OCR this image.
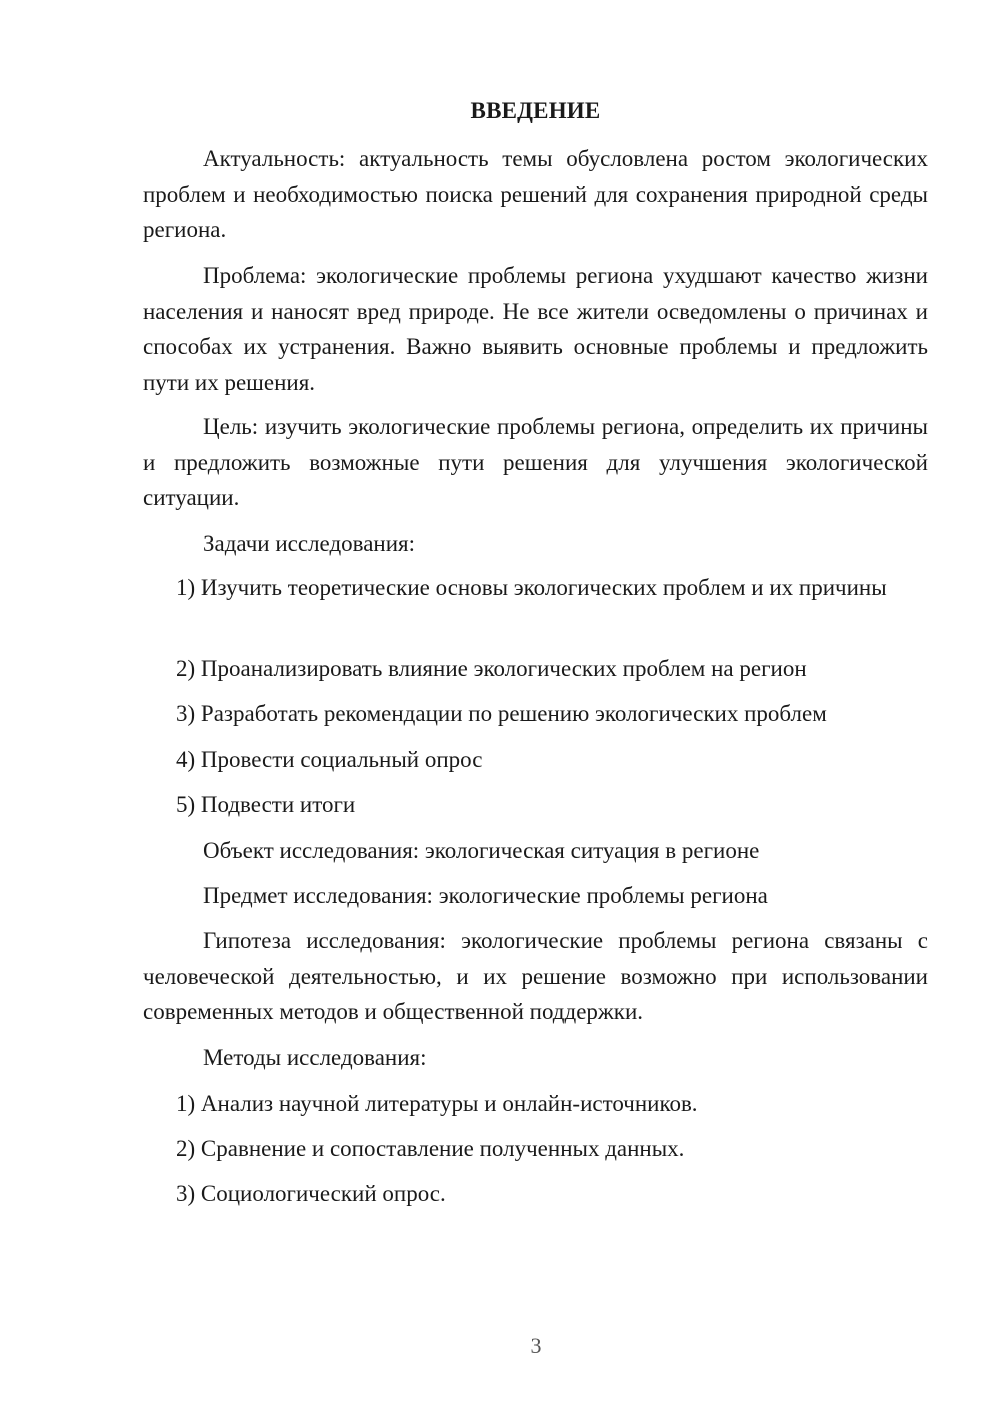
ВВЕДЕНИЕ

Актуальность: актуальность темы обусловлена ростом экологических проблем и необходимостью поиска решений для сохранения природной среды региона.

Проблема: экологические проблемы региона ухудшают качество жизни населения и наносят вред природе. Не все жители осведомлены о причинах и способах их устранения. Важно выявить основные проблемы и предложить пути их решения.

Цель: изучить экологические проблемы региона, определить их причины и предложить возможные пути решения для улучшения экологической ситуации.

Задачи исследования:

1) Изучить теоретические основы экологических проблем и их причины

2) Проанализировать влияние экологических проблем на регион

3) Разработать рекомендации по решению экологических проблем

4) Провести социальный опрос

5) Подвести итоги

Объект исследования: экологическая ситуация в регионе

Предмет исследования: экологические проблемы региона

Гипотеза исследования: экологические проблемы региона связаны с человеческой деятельностью, и их решение возможно при использовании современных методов и общественной поддержки.

Методы исследования:

1) Анализ научной литературы и онлайн-источников.

2) Сравнение и сопоставление полученных данных.

3) Социологический опрос.

3
